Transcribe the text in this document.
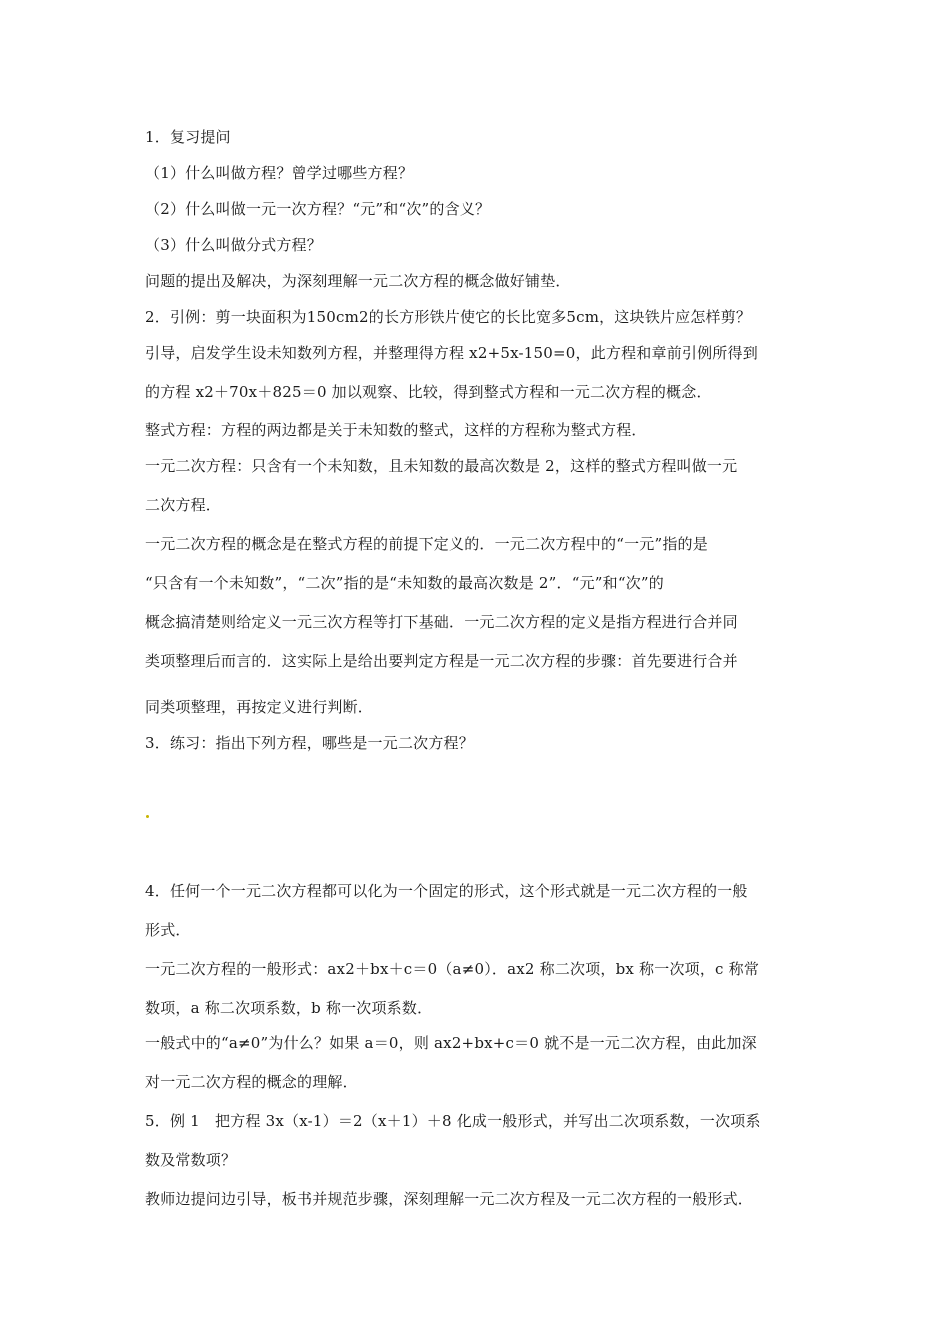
1．复习提问
（1）什么叫做方程？曾学过哪些方程？
（2）什么叫做一元一次方程？“元”和“次”的含义？
（3）什么叫做分式方程？
问题的提出及解决，为深刻理解一元二次方程的概念做好铺垫．
2．引例：剪一块面积为150cm2的长方形铁片使它的长比宽多5cm，这块铁片应怎样剪？
引导，启发学生设未知数列方程，并整理得方程 x2+5x-150=0，此方程和章前引例所得到
的方程 x2＋70x＋825＝0 加以观察、比较，得到整式方程和一元二次方程的概念．
整式方程：方程的两边都是关于未知数的整式，这样的方程称为整式方程．
一元二次方程：只含有一个未知数，且未知数的最高次数是 2，这样的整式方程叫做一元
二次方程．
一元二次方程的概念是在整式方程的前提下定义的．一元二次方程中的“一元”指的是
“只含有一个未知数”，“二次”指的是“未知数的最高次数是 2”．“元”和“次”的
概念搞清楚则给定义一元三次方程等打下基础．一元二次方程的定义是指方程进行合并同
类项整理后而言的．这实际上是给出要判定方程是一元二次方程的步骤：首先要进行合并
同类项整理，再按定义进行判断．
3．练习：指出下列方程，哪些是一元二次方程？
4．任何一个一元二次方程都可以化为一个固定的形式，这个形式就是一元二次方程的一般
形式．
一元二次方程的一般形式：ax2＋bx＋c＝0（a≠0）．ax2 称二次项，bx 称一次项，c 称常
数项，a 称二次项系数，b 称一次项系数．
一般式中的“a≠0”为什么？如果 a＝0，则 ax2+bx+c＝0 就不是一元二次方程，由此加深
对一元二次方程的概念的理解．
5．例 1　把方程 3x（x-1）＝2（x＋1）＋8 化成一般形式，并写出二次项系数，一次项系
数及常数项？
教师边提问边引导，板书并规范步骤，深刻理解一元二次方程及一元二次方程的一般形式．
